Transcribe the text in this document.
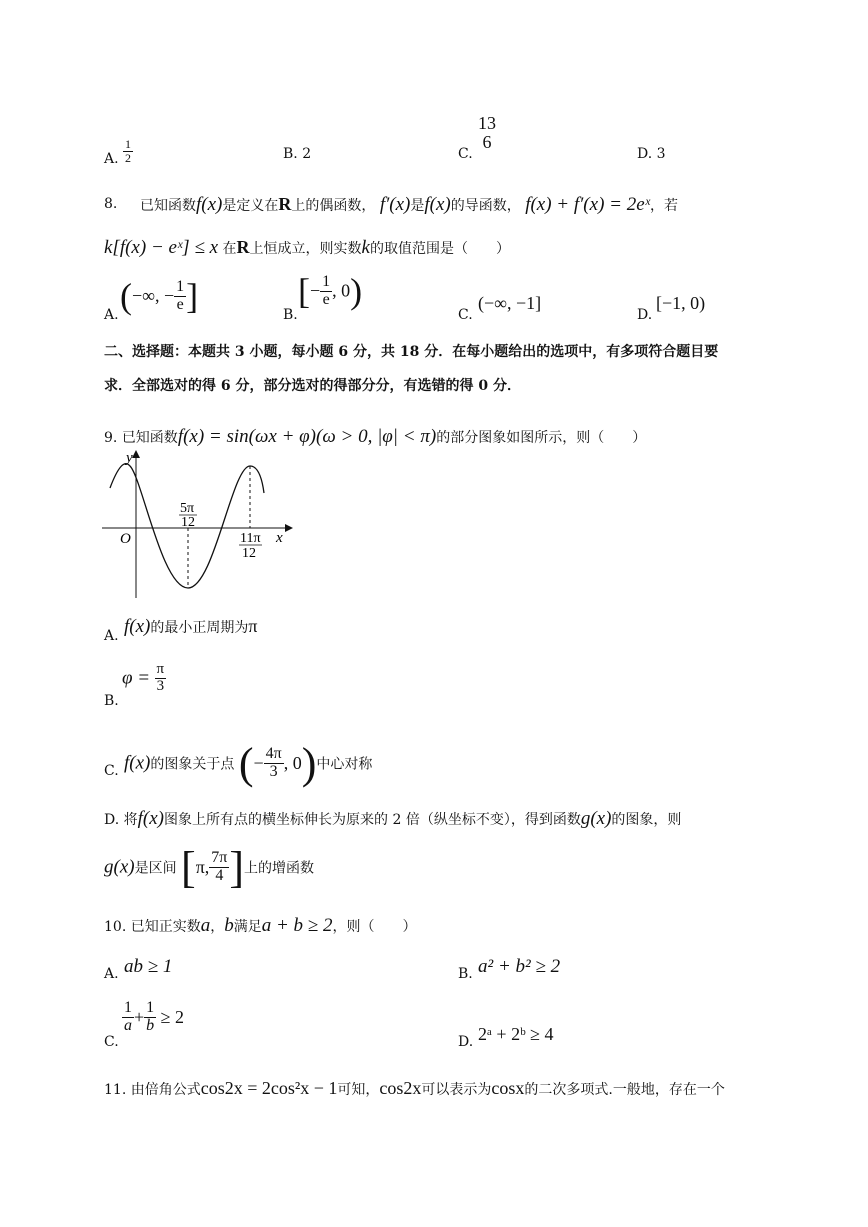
A. $\frac{1}{2}$	B. 2	C.
13
6
D. 3
8. 已知函数f(x)是定义在R上的偶函数， f′(x)是f(x)的导函数， f(x) + f′(x) = 2eˣ，若
k[f(x) − eˣ] ≤ x 在R上恒成立，则实数k的取值范围是（　　）
A. (−∞, − $\frac{1}{e}$ ]	B.
[− $\frac{1}{e}$ , 0)
C.
(−∞, −1]
D.
[−1, 0)
二、选择题：本题共 3 小题，每小题 6 分，共 18 分．在每小题给出的选项中，有多项符合题目要
求．全部选对的得 6 分，部分选对的得部分分，有选错的得 0 分．
9. 已知函数f(x) = sin(ωx + φ)(ω > 0, |φ| < π)的部分图象如图所示，则（　　）
y
x
O
5π
12
11π
12
A. f(x)的最小正周期为π
B.
$\varphi = \frac{\pi}{3}$
C. f(x)的图象关于点 (− $\frac{4\pi}{3}$ , 0)中心对称
D. 将f(x)图象上所有点的横坐标伸长为原来的 2 倍（纵坐标不变），得到函数g(x)的图象，则
g(x)是区间 [π, $\frac{7\pi}{4}$ ]上的增函数
10. 已知正实数a，b满足a + b ≥ 2，则（　　）
A. ab ≥ 1	B. a² + b² ≥ 2
C.
$\frac{1}{a} + \frac{1}{b} \ge 2$
D. 2ᵃ + 2ᵇ ≥ 4
11. 由倍角公式cos2x = 2cos²x − 1可知，cos2x可以表示为cosx的二次多项式.一般地，存在一个
